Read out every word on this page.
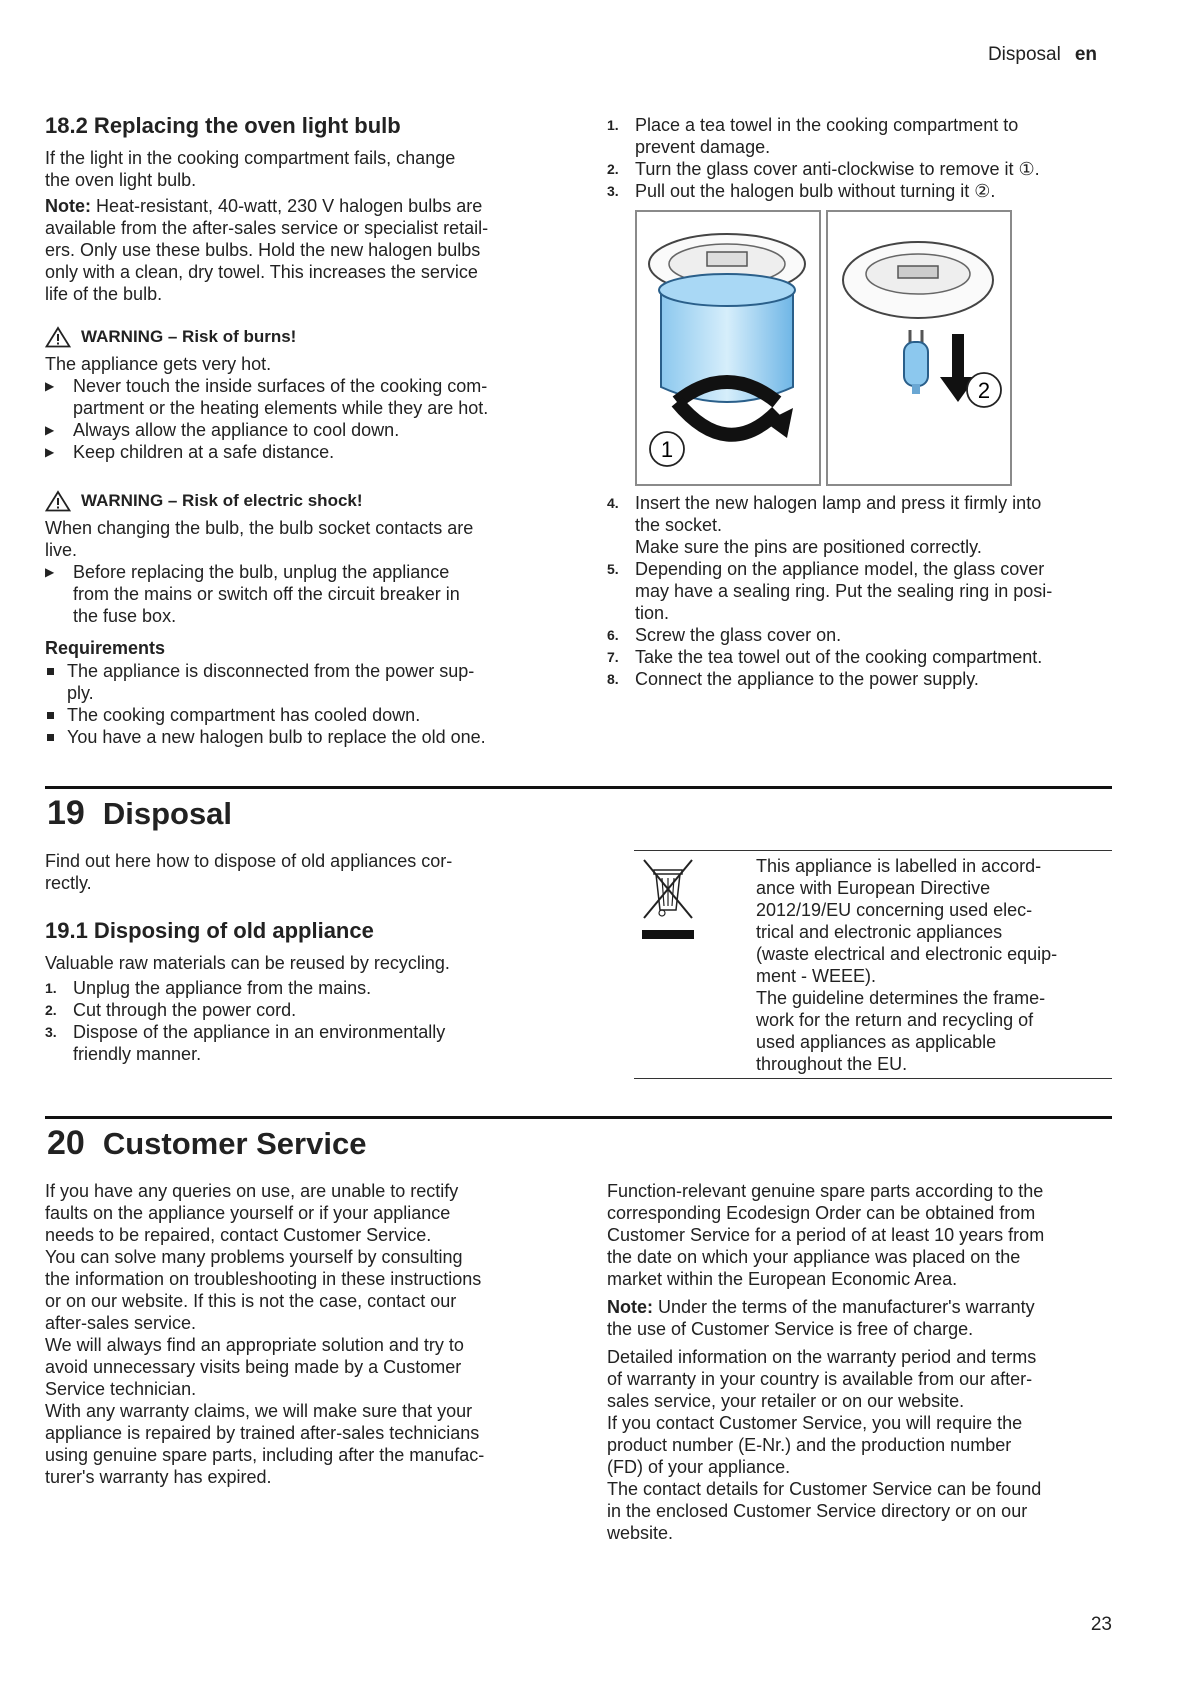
Disposal en
18.2 Replacing the oven light bulb
If the light in the cooking compartment fails, change
the oven light bulb.
Note: Heat-resistant, 40-watt, 230 V halogen bulbs are
available from the after-sales service or specialist retail-
ers. Only use these bulbs. Hold the new halogen bulbs
only with a clean, dry towel. This increases the service
life of the bulb.
WARNING – Risk of burns!
The appliance gets very hot.
▶ Never touch the inside surfaces of the cooking com-
partment or the heating elements while they are hot.
▶ Always allow the appliance to cool down.
▶ Keep children at a safe distance.
WARNING – Risk of electric shock!
When changing the bulb, the bulb socket contacts are
live.
▶ Before replacing the bulb, unplug the appliance
from the mains or switch off the circuit breaker in
the fuse box.
Requirements
The appliance is disconnected from the power sup-
ply.
The cooking compartment has cooled down.
You have a new halogen bulb to replace the old one.
1. Place a tea towel in the cooking compartment to
prevent damage.
2. Turn the glass cover anti-clockwise to remove it ①.
3. Pull out the halogen bulb without turning it ②.
1
2
4. Insert the new halogen lamp and press it firmly into
the socket.
Make sure the pins are positioned correctly.
5. Depending on the appliance model, the glass cover
may have a sealing ring. Put the sealing ring in posi-
tion.
6. Screw the glass cover on.
7. Take the tea towel out of the cooking compartment.
8. Connect the appliance to the power supply.
19 Disposal
Find out here how to dispose of old appliances cor-
rectly.
19.1 Disposing of old appliance
Valuable raw materials can be reused by recycling.
1. Unplug the appliance from the mains.
2. Cut through the power cord.
3. Dispose of the appliance in an environmentally
friendly manner.
This appliance is labelled in accord-
ance with European Directive
2012/19/EU concerning used elec-
trical and electronic appliances
(waste electrical and electronic equip-
ment - WEEE).
The guideline determines the frame-
work for the return and recycling of
used appliances as applicable
throughout the EU.
20 Customer Service
If you have any queries on use, are unable to rectify
faults on the appliance yourself or if your appliance
needs to be repaired, contact Customer Service.
You can solve many problems yourself by consulting
the information on troubleshooting in these instructions
or on our website. If this is not the case, contact our
after-sales service.
We will always find an appropriate solution and try to
avoid unnecessary visits being made by a Customer
Service technician.
With any warranty claims, we will make sure that your
appliance is repaired by trained after-sales technicians
using genuine spare parts, including after the manufac-
turer's warranty has expired.
Function-relevant genuine spare parts according to the
corresponding Ecodesign Order can be obtained from
Customer Service for a period of at least 10 years from
the date on which your appliance was placed on the
market within the European Economic Area.
Note: Under the terms of the manufacturer's warranty
the use of Customer Service is free of charge.
Detailed information on the warranty period and terms
of warranty in your country is available from our after-
sales service, your retailer or on our website.
If you contact Customer Service, you will require the
product number (E-Nr.) and the production number
(FD) of your appliance.
The contact details for Customer Service can be found
in the enclosed Customer Service directory or on our
website.
23
